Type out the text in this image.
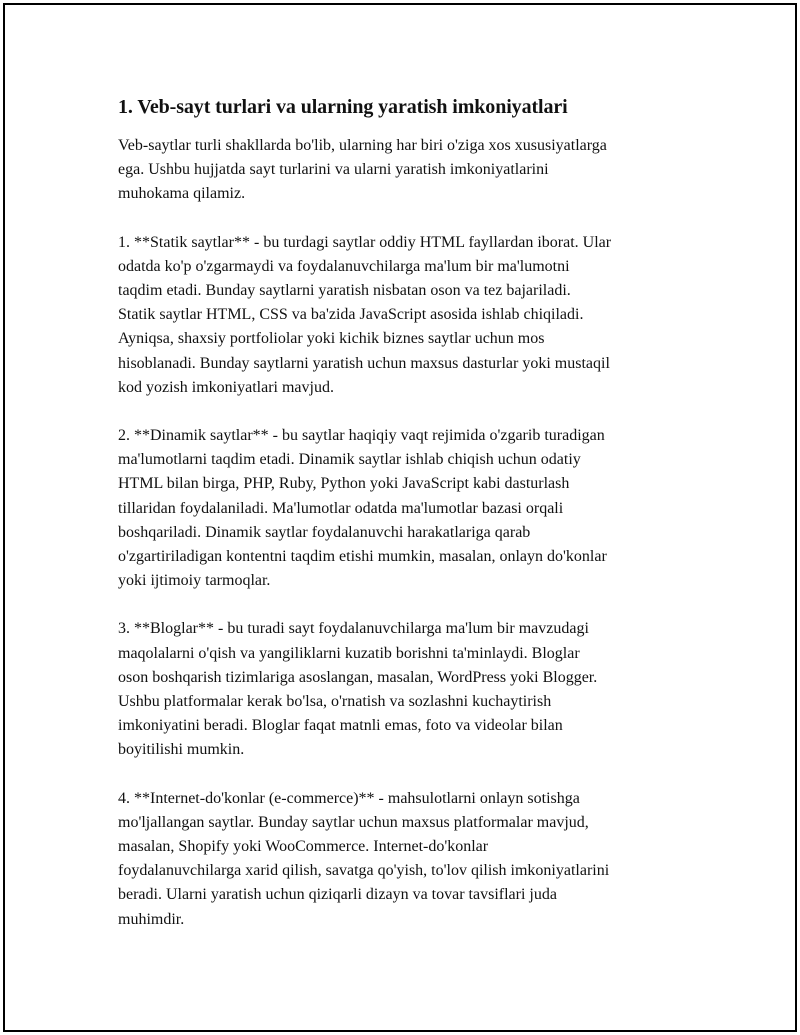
1. Veb-sayt turlari va ularning yaratish imkoniyatlari

Veb-saytlar turli shakllarda bo'lib, ularning har biri o'ziga xos xususiyatlarga
ega. Ushbu hujjatda sayt turlarini va ularni yaratish imkoniyatlarini
muhokama qilamiz.

1. **Statik saytlar** - bu turdagi saytlar oddiy HTML fayllardan iborat. Ular
odatda ko'p o'zgarmaydi va foydalanuvchilarga ma'lum bir ma'lumotni
taqdim etadi. Bunday saytlarni yaratish nisbatan oson va tez bajariladi.
Statik saytlar HTML, CSS va ba'zida JavaScript asosida ishlab chiqiladi.
Ayniqsa, shaxsiy portfoliolar yoki kichik biznes saytlar uchun mos
hisoblanadi. Bunday saytlarni yaratish uchun maxsus dasturlar yoki mustaqil
kod yozish imkoniyatlari mavjud.

2. **Dinamik saytlar** - bu saytlar haqiqiy vaqt rejimida o'zgarib turadigan
ma'lumotlarni taqdim etadi. Dinamik saytlar ishlab chiqish uchun odatiy
HTML bilan birga, PHP, Ruby, Python yoki JavaScript kabi dasturlash
tillaridan foydalaniladi. Ma'lumotlar odatda ma'lumotlar bazasi orqali
boshqariladi. Dinamik saytlar foydalanuvchi harakatlariga qarab
o'zgartiriladigan kontentni taqdim etishi mumkin, masalan, onlayn do'konlar
yoki ijtimoiy tarmoqlar.

3. **Bloglar** - bu turadi sayt foydalanuvchilarga ma'lum bir mavzudagi
maqolalarni o'qish va yangiliklarni kuzatib borishni ta'minlaydi. Bloglar
oson boshqarish tizimlariga asoslangan, masalan, WordPress yoki Blogger.
Ushbu platformalar kerak bo'lsa, o'rnatish va sozlashni kuchaytirish
imkoniyatini beradi. Bloglar faqat matnli emas, foto va videolar bilan
boyitilishi mumkin.

4. **Internet-do'konlar (e-commerce)** - mahsulotlarni onlayn sotishga
mo'ljallangan saytlar. Bunday saytlar uchun maxsus platformalar mavjud,
masalan, Shopify yoki WooCommerce. Internet-do'konlar
foydalanuvchilarga xarid qilish, savatga qo'yish, to'lov qilish imkoniyatlarini
beradi. Ularni yaratish uchun qiziqarli dizayn va tovar tavsiflari juda
muhimdir.
